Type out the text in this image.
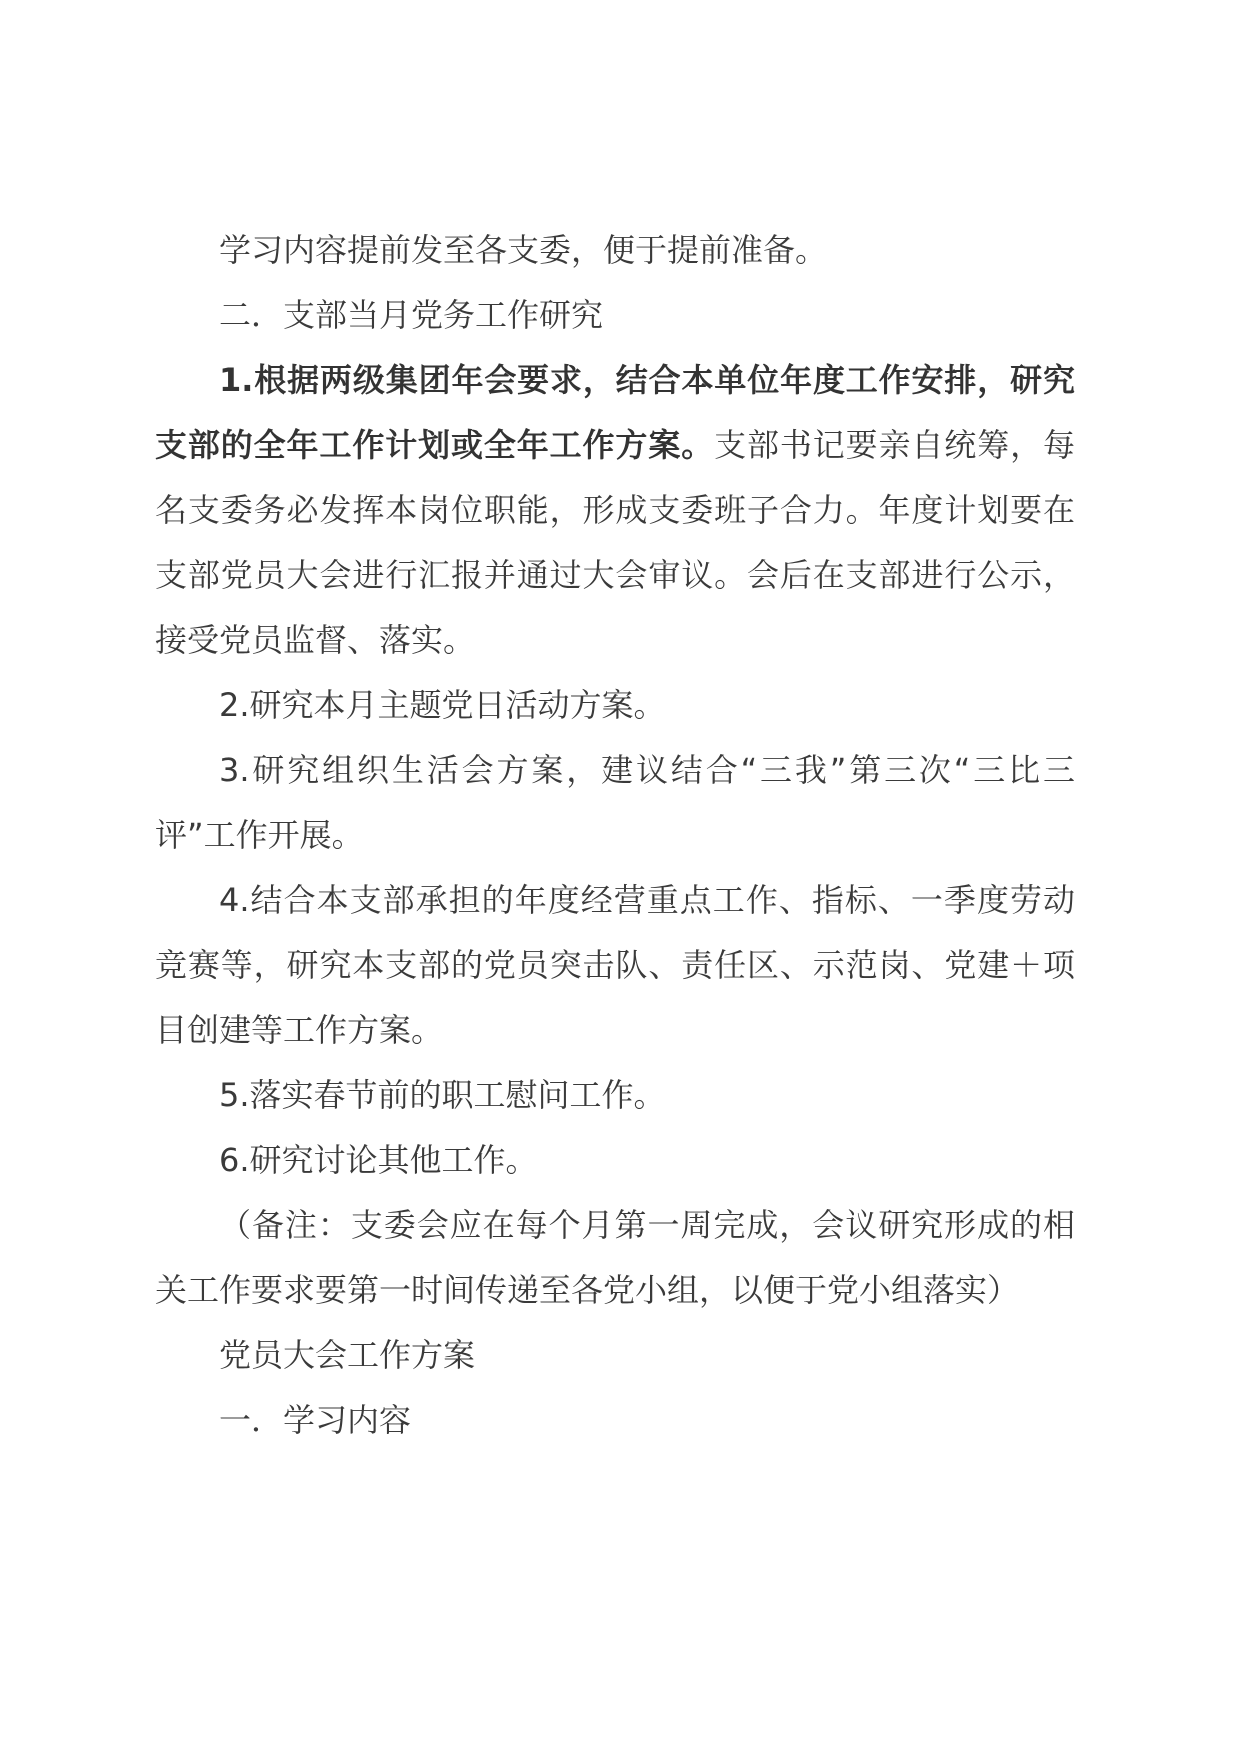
学习内容提前发至各支委，便于提前准备。

二．支部当月党务工作研究

1.根据两级集团年会要求，结合本单位年度工作安排，研究支部的全年工作计划或全年工作方案。支部书记要亲自统筹，每名支委务必发挥本岗位职能，形成支委班子合力。年度计划要在支部党员大会进行汇报并通过大会审议。会后在支部进行公示，接受党员监督、落实。

2.研究本月主题党日活动方案。

3.研究组织生活会方案，建议结合“三我”第三次“三比三评”工作开展。

4.结合本支部承担的年度经营重点工作、指标、一季度劳动竞赛等，研究本支部的党员突击队、责任区、示范岗、党建＋项目创建等工作方案。

5.落实春节前的职工慰问工作。

6.研究讨论其他工作。

（备注：支委会应在每个月第一周完成，会议研究形成的相关工作要求要第一时间传递至各党小组，以便于党小组落实）

党员大会工作方案

一．学习内容
